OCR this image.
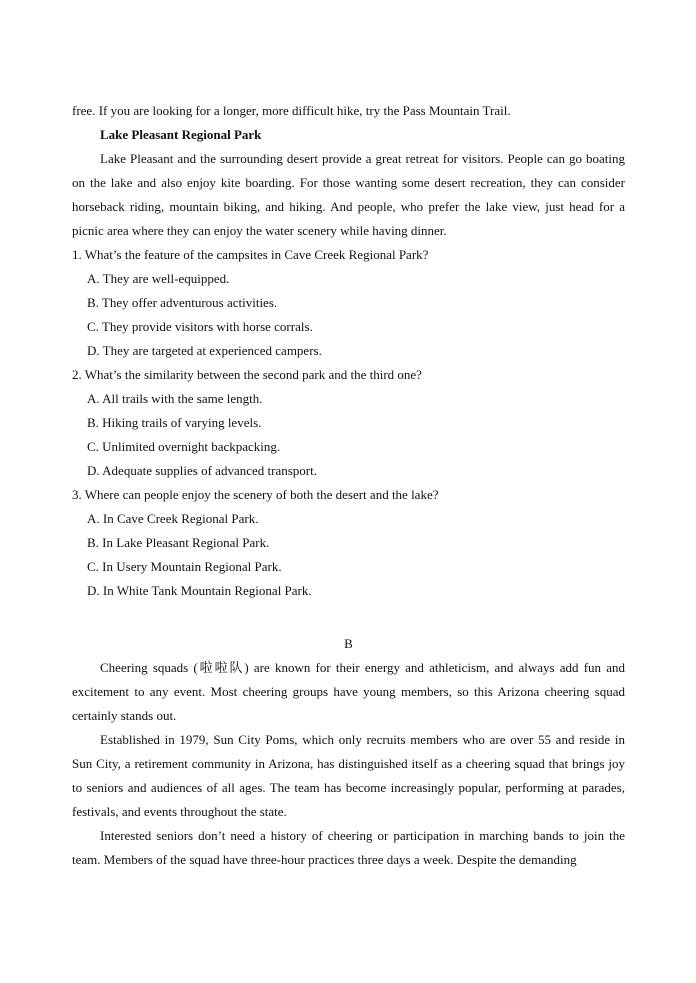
free. If you are looking for a longer, more difficult hike, try the Pass Mountain Trail.

Lake Pleasant Regional Park

Lake Pleasant and the surrounding desert provide a great retreat for visitors. People can go boating on the lake and also enjoy kite boarding. For those wanting some desert recreation, they can consider horseback riding, mountain biking, and hiking. And people, who prefer the lake view, just head for a picnic area where they can enjoy the water scenery while having dinner.

1. What’s the feature of the campsites in Cave Creek Regional Park?

A. They are well-equipped.

B. They offer adventurous activities.

C. They provide visitors with horse corrals.

D. They are targeted at experienced campers.

2. What’s the similarity between the second park and the third one?

A. All trails with the same length.

B. Hiking trails of varying levels.

C. Unlimited overnight backpacking.

D. Adequate supplies of advanced transport.

3. Where can people enjoy the scenery of both the desert and the lake?

A. In Cave Creek Regional Park.

B. In Lake Pleasant Regional Park.

C. In Usery Mountain Regional Park.

D. In White Tank Mountain Regional Park.

B

Cheering squads (啦啦队) are known for their energy and athleticism, and always add fun and excitement to any event. Most cheering groups have young members, so this Arizona cheering squad certainly stands out.

Established in 1979, Sun City Poms, which only recruits members who are over 55 and reside in Sun City, a retirement community in Arizona, has distinguished itself as a cheering squad that brings joy to seniors and audiences of all ages. The team has become increasingly popular, performing at parades, festivals, and events throughout the state.

Interested seniors don’t need a history of cheering or participation in marching bands to join the team. Members of the squad have three-hour practices three days a week. Despite the demanding
